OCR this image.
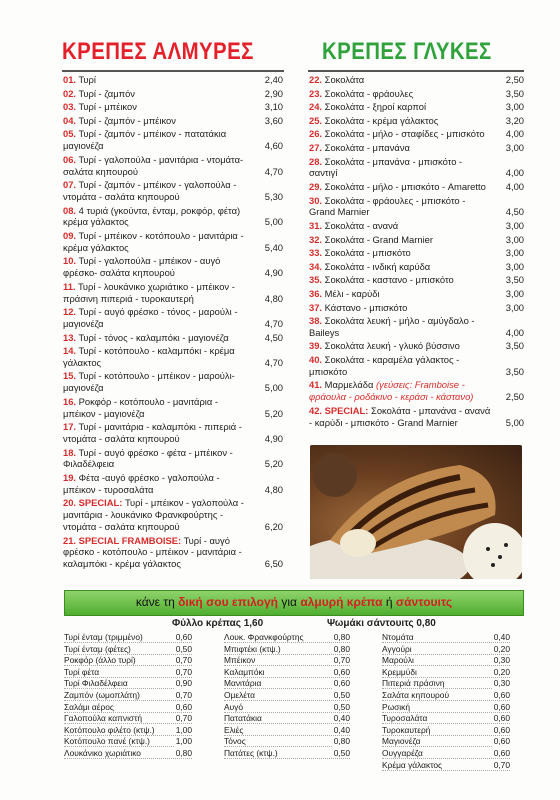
ΚΡΕΠΕΣ ΑΛΜΥΡΕΣ	ΚΡΕΠΕΣ ΓΛΥΚΕΣ
01. Τυρί	2,40
02. Τυρί - ζαμπόν	2,90
03. Τυρί - μπέικον	3,10
04. Τυρί - ζαμπόν - μπέικον	3,60
05. Τυρί - ζαμπόν - μπέικον - πατατάκια μαγιονέζα	4,60
06. Τυρί - γαλοπούλα - μανιτάρια - ντομάτα- σαλάτα κηπουρού	4,70
07. Τυρί - ζαμπόν - μπέικον - γαλοπούλα - ντομάτα - σαλάτα κηπουρού	5,30
08. 4 τυριά (γκούντα, ένταμ, ροκφόρ, φέτα) κρέμα γάλακτος	5,00
09. Τυρί - μπέικον - κοτόπουλο - μανιτάρια - κρέμα γάλακτος	5,40
10. Τυρί - γαλοπούλα - μπέικον - αυγό φρέσκο- σαλάτα κηπουρού	4,90
11. Τυρί - λουκάνικο χωριάτικο - μπέικον - πράσινη πιπεριά - τυροκαυτερή	4,80
12. Τυρί - αυγό φρέσκο - τόνος - μαρούλι - μαγιονέζα	4,70
13. Τυρί - τόνος - καλαμπόκι - μαγιονέζα	4,50
14. Τυρί - κοτόπουλο - καλαμπόκι - κρέμα γάλακτος	4,70
15. Τυρί - κοτόπουλο - μπέικον - μαρούλι- μαγιονέζα	5,00
16. Ροκφόρ - κοτόπουλο - μανιτάρια - μπέικον - μαγιονέζα	5,20
17. Τυρί - μανιτάρια - καλαμπόκι - πιπεριά - ντομάτα - σαλάτα κηπουρού	4,90
18. Τυρί - αυγό φρέσκο - φέτα - μπέικον - Φιλαδέλφεια	5,20
19. Φέτα -αυγό φρέσκο - γαλοπούλα - μπέικον - τυροσαλάτα	4,80
20. SPECIAL: Τυρί - μπέικον - γαλοπούλα - μανιτάρια - λουκάνικο Φρανκφούρτης - ντομάτα - σαλάτα κηπουρού	6,20
21. SPECIAL FRAMBOISE: Τυρί - αυγό φρέσκο - κοτόπουλο - μπέικον - μανιτάρια - καλαμπόκι - κρέμα γάλακτος	6,50
22. Σοκολάτα	2,50
23. Σοκολάτα - φράουλες	3,50
24. Σοκολάτα - ξηροί καρποί	3,00
25. Σοκολάτα - κρέμα γάλακτος	3,20
26. Σοκολάτα - μήλο - σταφίδες - μπισκότο 4,00
27. Σοκολάτα - μπανάνα	3,00
28. Σοκολάτα - μπανάνα - μπισκότο - σαντιγί	4,00
29. Σοκολάτα - μήλο - μπισκότο - Amaretto 4,00
30. Σοκολάτα - φράουλες - μπισκότο - Grand Marnier	4,50
31. Σοκολάτα - ανανά	3,00
32. Σοκολάτα - Grand Marnier	3,00
33. Σοκολάτα - μπισκότο	3,00
34. Σοκολάτα - ινδική καρύδα	3,00
35. Σοκολάτα - καστανο - μπισκότο	3,50
36. Μέλι - καρύδι	3,00
37. Κάστανο - μπισκότο	3,00
38. Σοκολάτα λευκή - μήλο - αμύγδαλο - Baileys	4,00
39. Σοκολάτα λευκή - γλυκό βύσσινο	3,50
40. Σοκολάτα - καραμέλα γάλακτος - μπισκότο	3,50
41. Μαρμελάδα (γεύσεις: Framboise - φράουλα - ροδάκινο - κεράσι - κάστανο)	2,50
42. SPECIAL: Σοκολάτα - μπανάνα - ανανά - καρύδι - μπισκότο - Grand Marnier	5,00
κάνε τη δική σου επιλογή για αλμυρή κρέπα ή σάντουιτς
Φύλλο κρέπας 1,60	Ψωμάκι σάντουιτς 0,80
Τυρί ένταμ (τριμμένο)	0,60
Τυρί ένταμ (φέτες)	0,50
Ροκφόρ (άλλο τυρί)	0,70
Τυρί φέτα	0,70
Τυρί Φιλαδέλφεια	0,90
Ζαμπόν (ωμοπλάτη)	0,70
Σαλάμι αέρος	0,60
Γαλοπούλα καπνιστή	0,70
Κοτόπουλο φιλέτο (κτψ.)	1,00
Κοτόπουλο πανέ (κτψ.)	1,00
Λουκάνικο χωριάτικο	0,80
Λουκ. Φρανκφούρτης	0,80
Μπιφτέκι (κτψ.)	0,80
Μπέικον	0,70
Καλαμπόκι	0,60
Μανιτάρια	0,60
Ομελέτα	0,50
Αυγό	0,50
Πατατάκια	0,40
Ελιές	0,40
Τόνος	0,80
Πατάτες (κτψ.)	0,50
Ντομάτα	0,40
Αγγούρι	0,20
Μαρούλι	0,30
Κρεμμύδι	0,20
Πιπεριά πράσινη	0,30
Σαλάτα κηπουρού	0,60
Ρωσική	0,60
Τυροσαλάτα	0,60
Τυροκαυτερή	0,60
Μαγιονέζα	0,60
Ουγγαρέζα	0,60
Κρέμα γάλακτος	0,70
